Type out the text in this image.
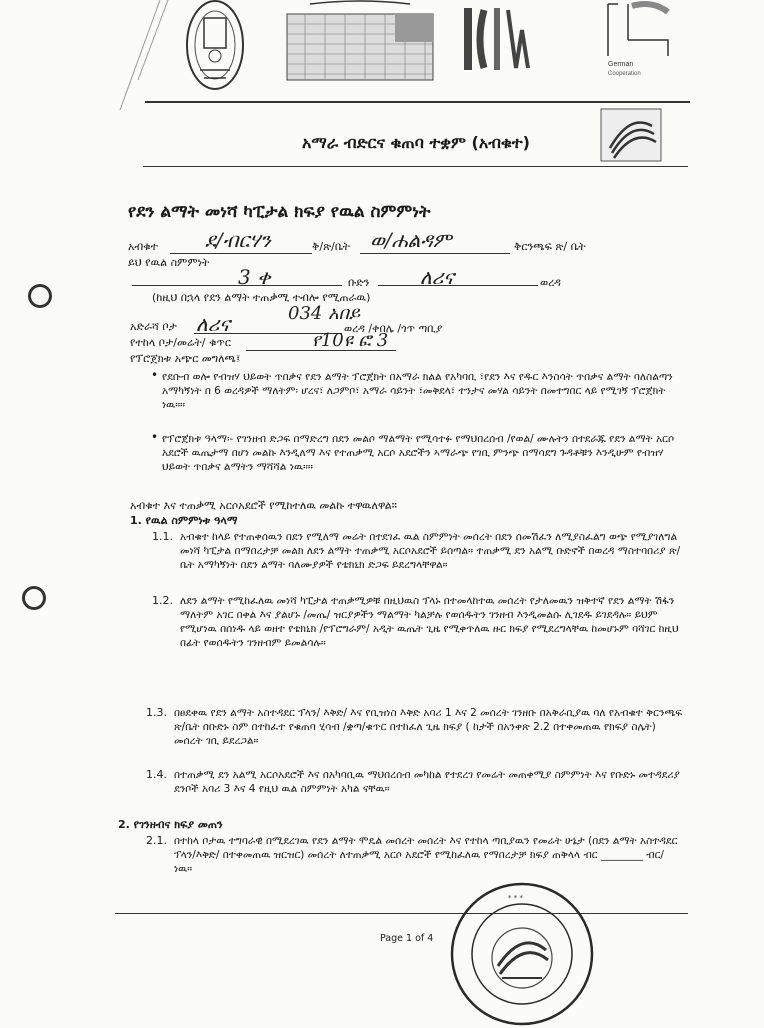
German
Cooperation
አማራ ብድርና ቁጠባ ተቋም (አብቁተ)
የደን ልማት መነሻ ካፒታል ክፍያ የዉል ስምምነት
አብቁተ ደ/ብርሃን	ቅ/ጽ/ቤት ወ/ሐልዳም	ቅርንጫፍ ጽ/ ቤት
ይህ የዉል ስምምነት
3 ቀ	ቡድን	ለሪና	ወረዳ
(ከዚህ በኋላ የደን ልማት ተጠቃሚ ተብሎ የሚጠራዉ)
አድራሻ ቦታ ለሪና	034 አበይ
ወረዳ /ቀበሌ /ጎጥ ጣቢያ
የተከላ ቦታ/መሬት/ ቁጥር	የ10ዩ ፎ 3
የፕሮጀክቱ አጭር መግለጫ፤
• የደቡብ ወሎ የብዝሃ ህይወት ጥበቃና የደን ልማት ፕሮጀክት በአማራ ክልል የአካባቢ ፣የደን እና የዱር እንስሳት ጥበቃና ልማት ባለስልጣን አማካኝነት በ 6 ወረዳዎች ማለትም፡ ሆረና፣ ለጋምቦ፣ አማራ ሳይንት ፣መቅደላ፣ ተንታና መሃል ሳይንት በመተግበር ላይ የሚገኝ ፕሮጀክት ነዉ።።
• የፕሮጀክቱ ዓላማ፡- የገንዘብ ድጋፍ በማድረግ በደን መልሶ ማልማት የሚሳተፉ የማህበረሰብ /የወል/ ሙሉትን በተደራጁ የደን ልማት አርሶ አደሮች ዉጤታማ በሆነ መልኩ እንዲለማ እና የተጠቃሚ አርሶ አደሮችን ኣማራጭ የገቢ ምንጭ በማሳደግ ጉዳቶቹን እንዲሁም የብዝሃ ህይወት ጥበቃና ልማትን ማሻሻል ነዉ።።
አብቁተ እና ተጠቃሚ አርሶአደሮች የሚከተለዉ መልኩ ተዋዉለዋል።
1. የዉል ስምምነቱ ዓላማ
1.1. አብቁተ ከላይ የተጠቀሰዉን በደን የሚለማ መሬት በተደገፈ ዉል ስምምነት መሰረት በደን ሰመሽፈን ለሚያስፈልግ ወጭ የሚያገለግል መነሻ ካፒታል በማበረታቻ መልክ ለደን ልማት ተጠቃሚ አርሶአደሮች ይሰጣል። ተጠቃሚ ደን አልሚ ቡድኖች በወረዳ ማስተባበሪያ ጽ/ ቤት አማካኝነት በደን ልማት ባለሙያዎች የቴክኒክ ድጋፍ ይደረግላቸዋል።
1.2. ለደን ልማት የሚከፈለዉ መነሻ ካፒታል ተጠቃሚዎቹ በዚህዉስ ፕላኑ በተመላከተዉ መሰረት የታለመዉን ዝቅተኛ የደን ልማት ሽፋን ማለትም አገር በቀል እና ያልሆኑ /መጤ/ ዝርያዎችን ማልማት ካልቻሉ የወሰዱትን ገንዘብ እንዲመልሱ ሊገደዱ ይገደዳሉ። ይህም የሚሆነዉ በሰነዱ ላይ ወዘተ የቴክኒክ /የፕሮግራም/ አዲት ዉጤት ጊዜ የሚቀጥለዉ ዙር ክፍያ የሚደረግላቸዉ ከመሆኑም ባሻገር ከዚህ በፊት የወሰዱትን ገንዘብም ይመልሳሉ።
1.3. በፀደቀዉ የደን ልማት አስተዳደር ፕላን/ እቅድ/ እና የቢዝነስ እቅድ አባሪ 1 እና 2 መሰረት ገንዘቡ በአቅራቢያዉ ባለ የአብቁተ ቅርንጫፍ ጽ/ቤት በቡድኑ ስም በተከፈተ የቁጠባ ሂሳብ /ቋጣ/ቁጥር በተከፈለ ጊዜ ክፍያ ( ከታች በአንቀጽ 2.2 በተቀመጠዉ የክፍያ ስሌት) መሰረት ገቢ ይደረጋል።
1.4. በተጠቃሚ ደን አልሚ አርሶአደሮች እና በአካባቢዉ ማህበረሰብ መካከል የተደረገ የመሬት መጠቀሚያ ስምምነት እና የቡድኑ መተዳደሪያ ደንቦች አባሪ 3 እና 4 የዚህ ዉል ስምምነት አካል ናቸዉ።
2. የገንዘብና ክፍያ መጠን
2.1. በተከላ ቦታዉ ተግባራዊ በሚደረገዉ የደን ልማት ሞዴል መሰረት መሰረት እና የተከላ ጣቢያዉን የመሬት ሁኔታ (በደን ልማት አስተዳደር ፕላን/እቅድ/ በተቀመጠዉ ዝርዝር) መሰረት ለተጠቃሚ አርሶ አደሮች የሚከፈለዉ የማበረታቻ ክፍያ ጠቅላላ ብር ________ ብር/ ነዉ።
Page 1 of 4
* * *
